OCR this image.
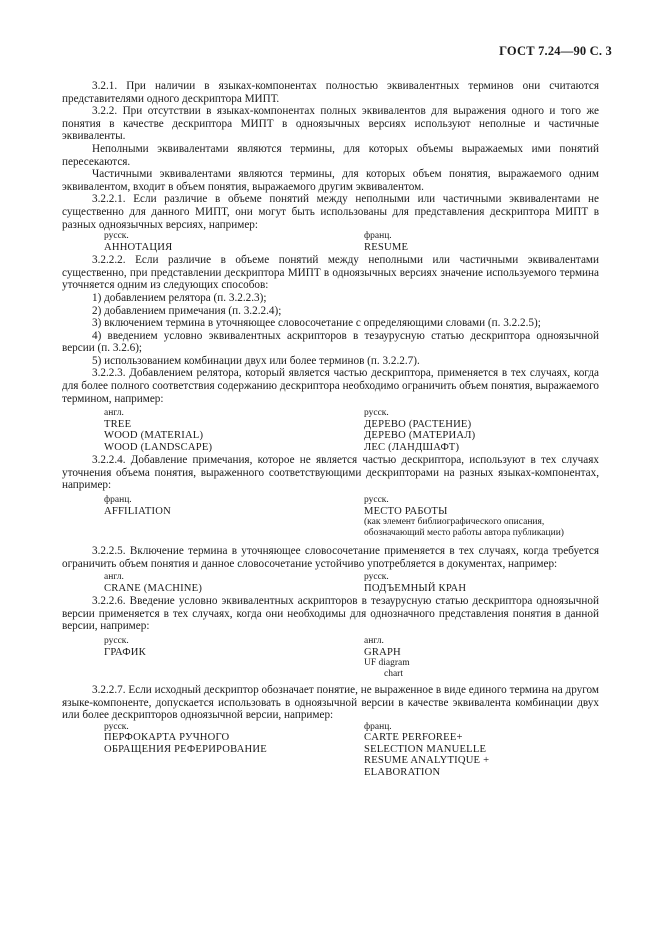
ГОСТ 7.24—90 С. 3

3.2.1. При наличии в языках-компонентах полностью эквивалентных терминов они считаются представителями одного дескриптора МИПТ.

3.2.2. При отсутствии в языках-компонентах полных эквивалентов для выражения одного и того же понятия в качестве дескриптора МИПТ в одноязычных версиях используют неполные и частичные эквиваленты.

Неполными эквивалентами являются термины, для которых объемы выражаемых ими понятий пересекаются.

Частичными эквивалентами являются термины, для которых объем понятия, выражаемого одним эквивалентом, входит в объем понятия, выражаемого другим эквивалентом.

3.2.2.1. Если различие в объеме понятий между неполными или частичными эквивалентами не существенно для данного МИПТ, они могут быть использованы для представления дескриптора МИПТ в разных одноязычных версиях, например:

русск.
АННОТАЦИЯ
франц.
RESUME

3.2.2.2. Если различие в объеме понятий между неполными или частичными эквивалентами существенно, при представлении дескриптора МИПТ в одноязычных версиях значение используемого термина уточняется одним из следующих способов:

1) добавлением релятора (п. 3.2.2.3);

2) добавлением примечания (п. 3.2.2.4);

3) включением термина в уточняющее словосочетание с определяющими словами (п. 3.2.2.5);

4) введением условно эквивалентных аскрипторов в тезаурусную статью дескриптора одноязычной версии (п. 3.2.6);

5) использованием комбинации двух или более терминов (п. 3.2.2.7).

3.2.2.3. Добавлением релятора, который является частью дескриптора, применяется в тех случаях, когда для более полного соответствия содержанию дескриптора необходимо ограничить объем понятия, выражаемого термином, например:

англ.
TREE
WOOD (MATERIAL)
WOOD (LANDSCAPE)
русск.
ДЕРЕВО (РАСТЕНИЕ)
ДЕРЕВО (МАТЕРИАЛ)
ЛЕС (ЛАНДШАФТ)

3.2.2.4. Добавление примечания, которое не является частью дескриптора, используют в тех случаях уточнения объема понятия, выраженного соответствующими дескрипторами на разных языках-компонентах, например:

франц.
AFFILIATION
русск.
МЕСТО РАБОТЫ
(как элемент библиографического описания,
обозначающий место работы автора публикации)

3.2.2.5. Включение термина в уточняющее словосочетание применяется в тех случаях, когда требуется ограничить объем понятия и данное словосочетание устойчиво употребляется в документах, например:

англ.
CRANE (MACHINE)
русск.
ПОДЪЕМНЫЙ КРАН

3.2.2.6. Введение условно эквивалентных аскрипторов в тезаурусную статью дескриптора одноязычной версии применяется в тех случаях, когда они необходимы для однозначного представления понятия в данной версии, например:

русск.
ГРАФИК
англ.
GRAPH
UF diagram
chart

3.2.2.7. Если исходный дескриптор обозначает понятие, не выраженное в виде единого термина на другом языке-компоненте, допускается использовать в одноязычной версии в качестве эквивалента комбинации двух или более дескрипторов одноязычной версии, например:

русск.
ПЕРФОКАРТА РУЧНОГО
ОБРАЩЕНИЯ РЕФЕРИРОВАНИЕ
франц.
CARTE PERFOREE+
SELECTION MANUELLE
RESUME ANALYTIQUE +
ELABORATION
